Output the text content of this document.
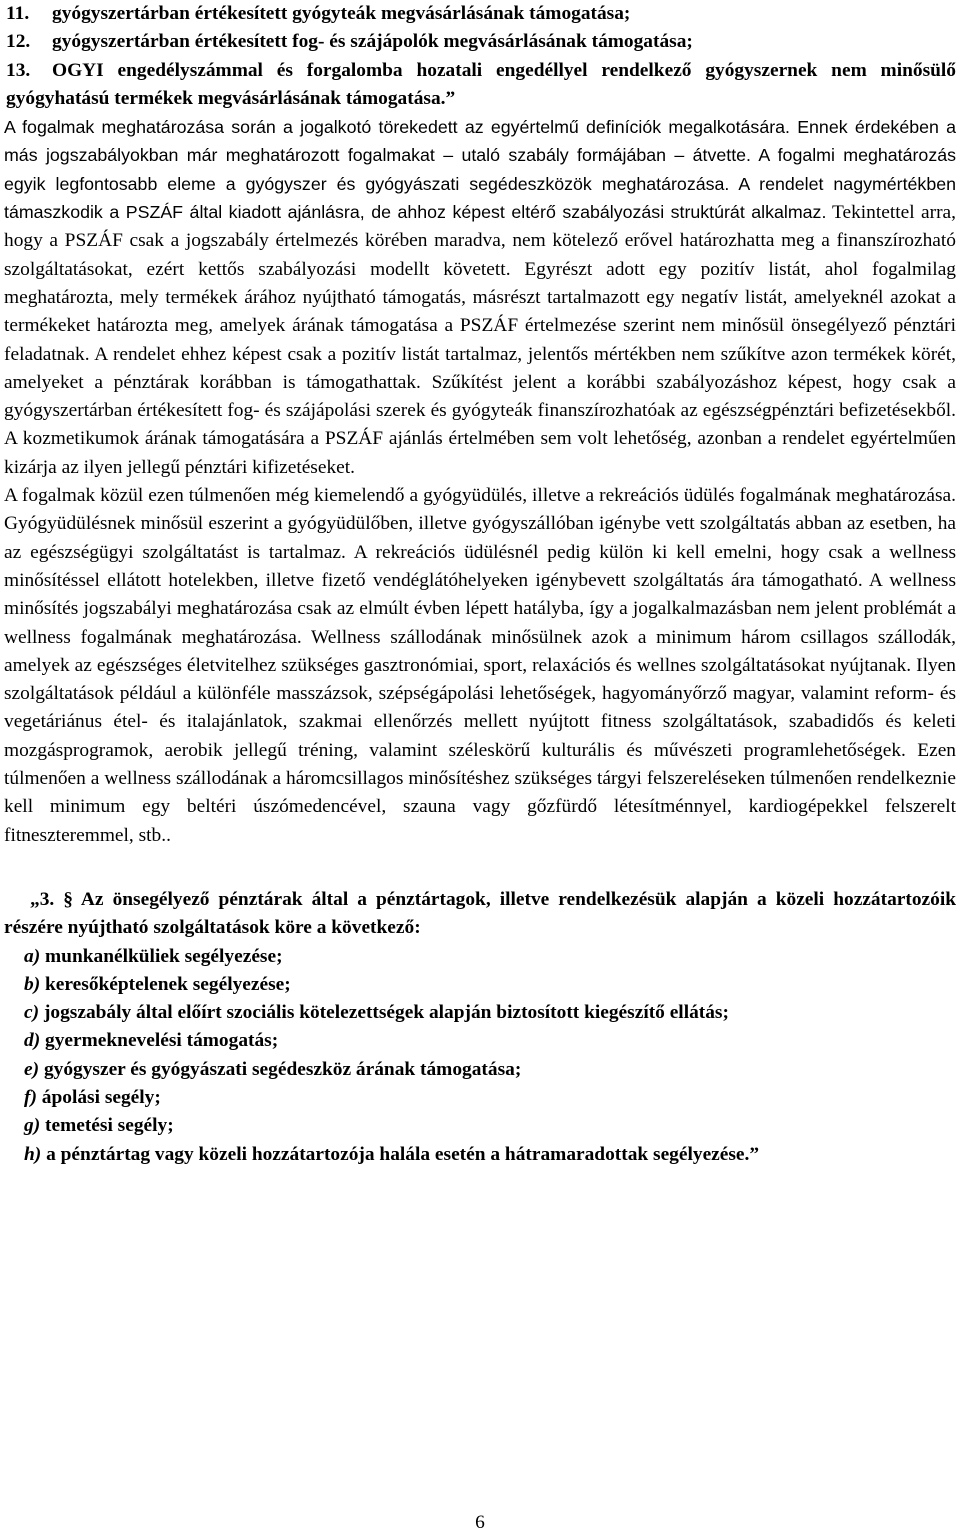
11. gyógyszertárban értékesített gyógyteák megvásárlásának támogatása;
12. gyógyszertárban értékesített fog- és szájápolók megvásárlásának támogatása;
13. OGYI engedélyszámmal és forgalomba hozatali engedéllyel rendelkező gyógyszernek nem minősülő gyógyhatású termékek megvásárlásának támogatása.”

A fogalmak meghatározása során a jogalkotó törekedett az egyértelmű definíciók megalkotására. Ennek érdekében a más jogszabályokban már meghatározott fogalmakat – utaló szabály formájában – átvette. A fogalmi meghatározás egyik legfontosabb eleme a gyógyszer és gyógyászati segédeszközök meghatározása. A rendelet nagymértékben támaszkodik a PSZÁF által kiadott ajánlásra, de ahhoz képest eltérő szabályozási struktúrát alkalmaz. Tekintettel arra, hogy a PSZÁF csak a jogszabály értelmezés körében maradva, nem kötelező erővel határozhatta meg a finanszírozható szolgáltatásokat, ezért kettős szabályozási modellt követett. Egyrészt adott egy pozitív listát, ahol fogalmilag meghatározta, mely termékek árához nyújtható támogatás, másrészt tartalmazott egy negatív listát, amelyeknél azokat a termékeket határozta meg, amelyek árának támogatása a PSZÁF értelmezése szerint nem minősül önsegélyező pénztári feladatnak. A rendelet ehhez képest csak a pozitív listát tartalmaz, jelentős mértékben nem szűkítve azon termékek körét, amelyeket a pénztárak korábban is támogathattak. Szűkítést jelent a korábbi szabályozáshoz képest, hogy csak a gyógyszertárban értékesített fog- és szájápolási szerek és gyógyteák finanszírozhatóak az egészségpénztári befizetésekből. A kozmetikumok árának támogatására a PSZÁF ajánlás értelmében sem volt lehetőség, azonban a rendelet egyértelműen kizárja az ilyen jellegű pénztári kifizetéseket.

A fogalmak közül ezen túlmenően még kiemelendő a gyógyüdülés, illetve a rekreációs üdülés fogalmának meghatározása. Gyógyüdülésnek minősül eszerint a gyógyüdülőben, illetve gyógyszállóban igénybe vett szolgáltatás abban az esetben, ha az egészségügyi szolgáltatást is tartalmaz. A rekreációs üdülésnél pedig külön ki kell emelni, hogy csak a wellness minősítéssel ellátott hotelekben, illetve fizető vendéglátóhelyeken igénybevett szolgáltatás ára támogatható. A wellness minősítés jogszabályi meghatározása csak az elmúlt évben lépett hatályba, így a jogalkalmazásban nem jelent problémát a wellness fogalmának meghatározása. Wellness szállodának minősülnek azok a minimum három csillagos szállodák, amelyek az egészséges életvitelhez szükséges gasztronómiai, sport, relaxációs és wellnes szolgáltatásokat nyújtanak. Ilyen szolgáltatások például a különféle masszázsok, szépségápolási lehetőségek, hagyományőrző magyar, valamint reform- és vegetáriánus étel- és italajánlatok, szakmai ellenőrzés mellett nyújtott fitness szolgáltatások, szabadidős és keleti mozgásprogramok, aerobik jellegű tréning, valamint széleskörű kulturális és művészeti programlehetőségek. Ezen túlmenően a wellness szállodának a háromcsillagos minősítéshez szükséges tárgyi felszereléseken túlmenően rendelkeznie kell minimum egy beltéri úszómedencével, szauna vagy gőzfürdő létesítménnyel, kardiogépekkel felszerelt fitneszteremmel, stb..

„3. § Az önsegélyező pénztárak által a pénztártagok, illetve rendelkezésük alapján a közeli hozzátartozóik részére nyújtható szolgáltatások köre a következő:

a) munkanélküliek segélyezése;
b) keresőképtelenek segélyezése;
c) jogszabály által előírt szociális kötelezettségek alapján biztosított kiegészítő ellátás;
d) gyermeknevelési támogatás;
e) gyógyszer és gyógyászati segédeszköz árának támogatása;
f) ápolási segély;
g) temetési segély;
h) a pénztártag vagy közeli hozzátartozója halála esetén a hátramaradottak segélyezése.”
6
